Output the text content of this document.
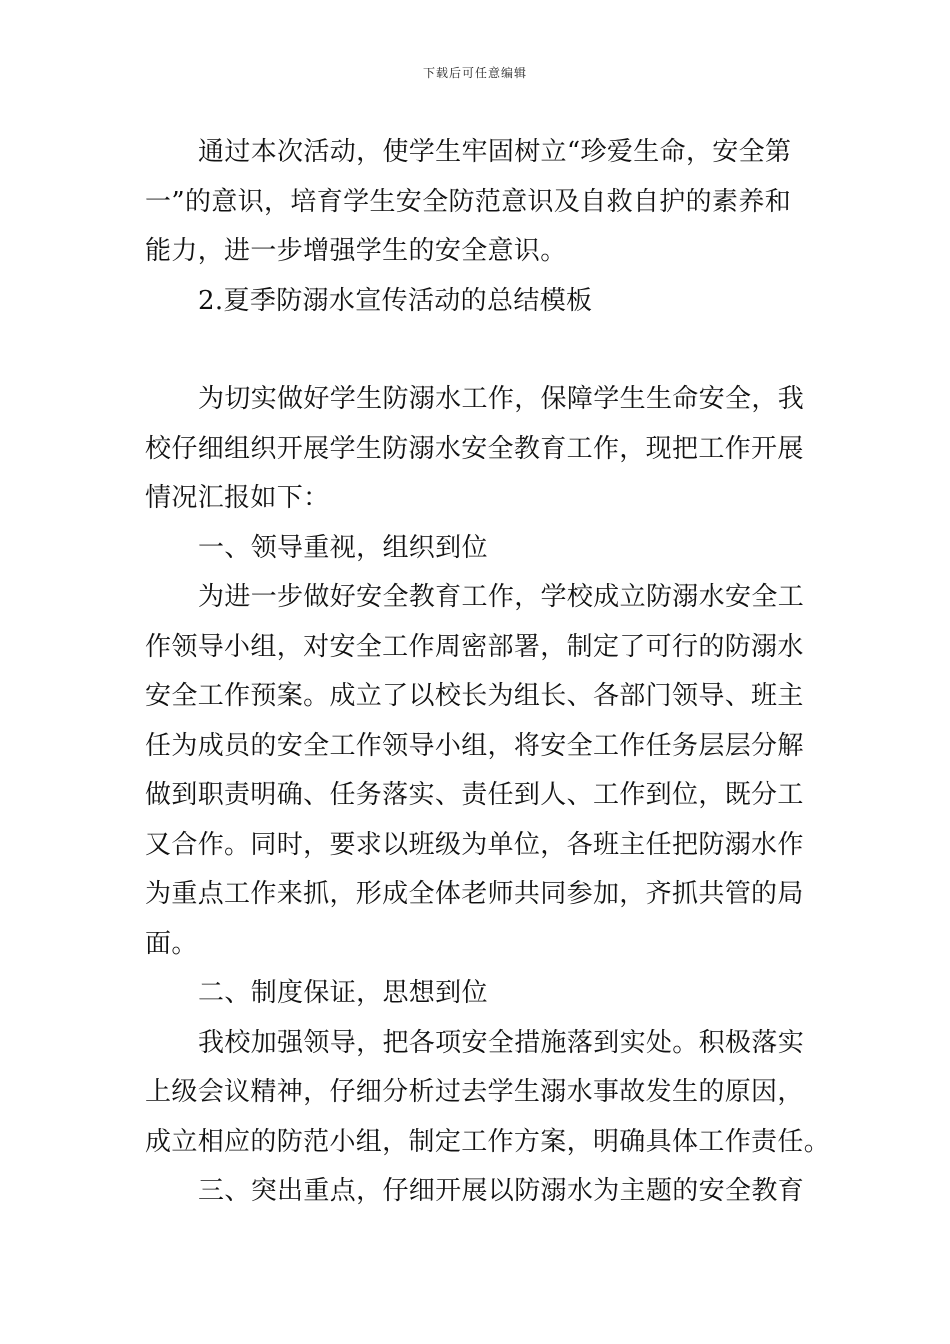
下载后可任意编辑
通过本次活动，使学生牢固树立“珍爱生命，安全第
一”的意识，培育学生安全防范意识及自救自护的素养和
能力，进一步增强学生的安全意识。
2.夏季防溺水宣传活动的总结模板
为切实做好学生防溺水工作，保障学生生命安全，我
校仔细组织开展学生防溺水安全教育工作，现把工作开展
情况汇报如下：
一、领导重视，组织到位
为进一步做好安全教育工作，学校成立防溺水安全工
作领导小组，对安全工作周密部署，制定了可行的防溺水
安全工作预案。成立了以校长为组长、各部门领导、班主
任为成员的安全工作领导小组，将安全工作任务层层分解
做到职责明确、任务落实、责任到人、工作到位，既分工
又合作。同时，要求以班级为单位，各班主任把防溺水作
为重点工作来抓，形成全体老师共同参加，齐抓共管的局
面。
二、制度保证，思想到位
我校加强领导，把各项安全措施落到实处。积极落实
上级会议精神，仔细分析过去学生溺水事故发生的原因，
成立相应的防范小组，制定工作方案，明确具体工作责任。
三、突出重点，仔细开展以防溺水为主题的安全教育
